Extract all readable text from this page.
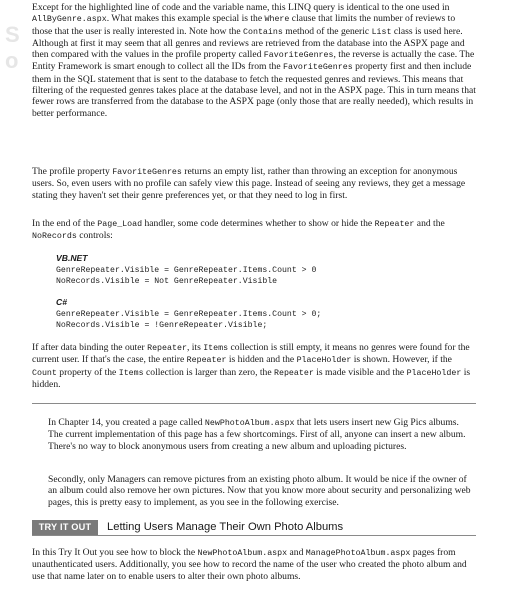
S
o

Except for the highlighted line of code and the variable name, this LINQ query is identical to the one used in AllByGenre.aspx. What makes this example special is the Where clause that limits the number of reviews to those that the user is really interested in. Note how the Contains method of the generic List class is used here. Although at first it may seem that all genres and reviews are retrieved from the database into the ASPX page and then compared with the values in the profile property called FavoriteGenres, the reverse is actually the case. The Entity Framework is smart enough to collect all the IDs from the FavoriteGenres property first and then include them in the SQL statement that is sent to the database to fetch the requested genres and reviews. This means that filtering of the requested genres takes place at the database level, and not in the ASPX page. This in turn means that fewer rows are transferred from the database to the ASPX page (only those that are really needed), which results in better performance.

The profile property FavoriteGenres returns an empty list, rather than throwing an exception for anonymous users. So, even users with no profile can safely view this page. Instead of seeing any reviews, they get a message stating they haven't set their genre preferences yet, or that they need to log in first.

In the end of the Page_Load handler, some code determines whether to show or hide the Repeater and the NoRecords controls:

VB.NET
GenreRepeater.Visible = GenreRepeater.Items.Count > 0
NoRecords.Visible = Not GenreRepeater.Visible
C#
GenreRepeater.Visible = GenreRepeater.Items.Count > 0;
NoRecords.Visible = !GenreRepeater.Visible;

If after data binding the outer Repeater, its Items collection is still empty, it means no genres were found for the current user. If that's the case, the entire Repeater is hidden and the PlaceHolder is shown. However, if the Count property of the Items collection is larger than zero, the Repeater is made visible and the PlaceHolder is hidden.

In Chapter 14, you created a page called NewPhotoAlbum.aspx that lets users insert new Gig Pics albums. The current implementation of this page has a few shortcomings. First of all, anyone can insert a new album. There's no way to block anonymous users from creating a new album and uploading pictures.

Secondly, only Managers can remove pictures from an existing photo album. It would be nice if the owner of an album could also remove her own pictures. Now that you know more about security and personalizing web pages, this is pretty easy to implement, as you see in the following exercise.

TRY IT OUT	Letting Users Manage Their Own Photo Albums

In this Try It Out you see how to block the NewPhotoAlbum.aspx and ManagePhotoAlbum.aspx pages from unauthenticated users. Additionally, you see how to record the name of the user who created the photo album and use that name later on to enable users to alter their own photo albums.
